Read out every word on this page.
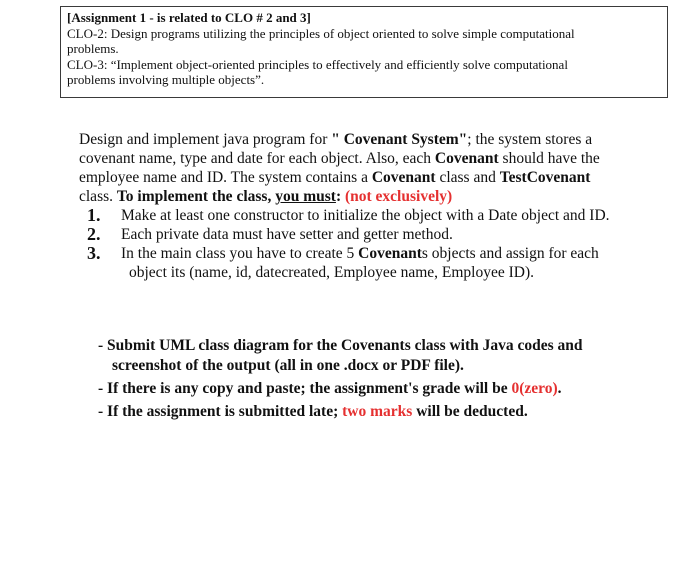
[Assignment 1 - is related to CLO # 2 and 3]
CLO-2: Design programs utilizing the principles of object oriented to solve simple computational
problems.
CLO-3: “Implement object-oriented principles to effectively and efficiently solve computational
problems involving multiple objects”.
Design and implement java program for " Covenant System"; the system stores a
covenant name, type and date for each object. Also, each Covenant should have the
employee name and ID. The system contains a Covenant class and TestCovenant
class. To implement the class, you must: (not exclusively)
1.	Make at least one constructor to initialize the object with a Date object and ID.
2.	Each private data must have setter and getter method.
3.	In the main class you have to create 5 Covenants objects and assign for each
object its (name, id, datecreated, Employee name, Employee ID).
- Submit UML class diagram for the Covenants class with Java codes and
screenshot of the output (all in one .docx or PDF file).
- If there is any copy and paste; the assignment's grade will be 0(zero).
- If the assignment is submitted late; two marks will be deducted.
